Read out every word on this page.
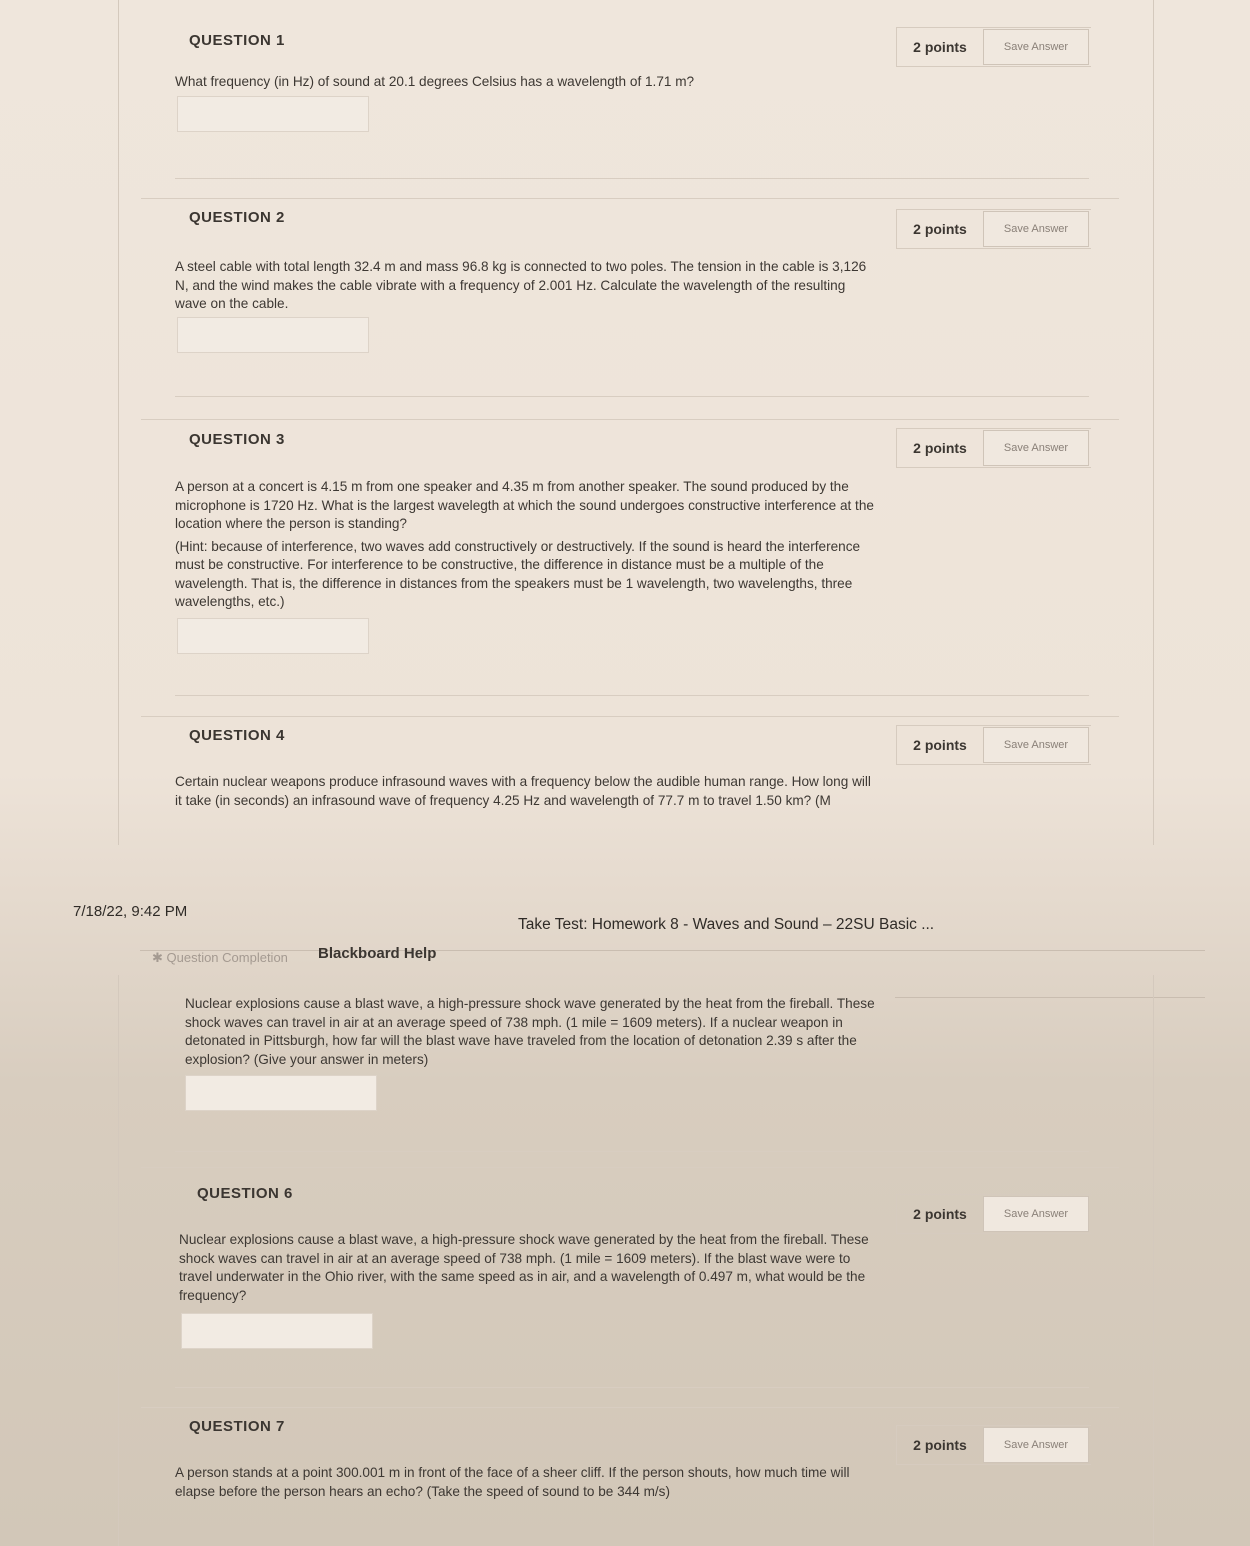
QUESTION 1	2 points	Save Answer

What frequency (in Hz) of sound at 20.1 degrees Celsius has a wavelength of 1.71 m?

QUESTION 2
2 points	Save Answer

A steel cable with total length 32.4 m and mass 96.8 kg is connected to two poles. The tension in the cable is 3,126 N, and the wind makes the cable vibrate with a frequency of 2.001 Hz. Calculate the wavelength of the resulting wave on the cable.

QUESTION 3	2 points	Save Answer

A person at a concert is 4.15 m from one speaker and 4.35 m from another speaker. The sound produced by the microphone is 1720 Hz. What is the largest wavelegth at which the sound undergoes constructive interference at the location where the person is standing?

(Hint: because of interference, two waves add constructively or destructively. If the sound is heard the interference must be constructive. For interference to be constructive, the difference in distance must be a multiple of the wavelength. That is, the difference in distances from the speakers must be 1 wavelength, two wavelengths, three wavelengths, etc.)

QUESTION 4
2 points	Save Answer

Certain nuclear weapons produce infrasound waves with a frequency below the audible human range. How long will it take (in seconds) an infrasound wave of frequency 4.25 Hz and wavelength of 77.7 m to travel 1.50 km? (M

7/18/22, 9:42 PM
Take Test: Homework 8 - Waves and Sound – 22SU Basic ...
✱ Question Completion Blackboard Help

Nuclear explosions cause a blast wave, a high-pressure shock wave generated by the heat from the fireball. These shock waves can travel in air at an average speed of 738 mph. (1 mile = 1609 meters). If a nuclear weapon in detonated in Pittsburgh, how far will the blast wave have traveled from the location of detonation 2.39 s after the explosion? (Give your answer in meters)

QUESTION 6
2 points	Save Answer

Nuclear explosions cause a blast wave, a high-pressure shock wave generated by the heat from the fireball. These shock waves can travel in air at an average speed of 738 mph. (1 mile = 1609 meters). If the blast wave were to travel underwater in the Ohio river, with the same speed as in air, and a wavelength of 0.497 m, what would be the frequency?

QUESTION 7
2 points	Save Answer

A person stands at a point 300.001 m in front of the face of a sheer cliff. If the person shouts, how much time will elapse before the person hears an echo? (Take the speed of sound to be 344 m/s)
